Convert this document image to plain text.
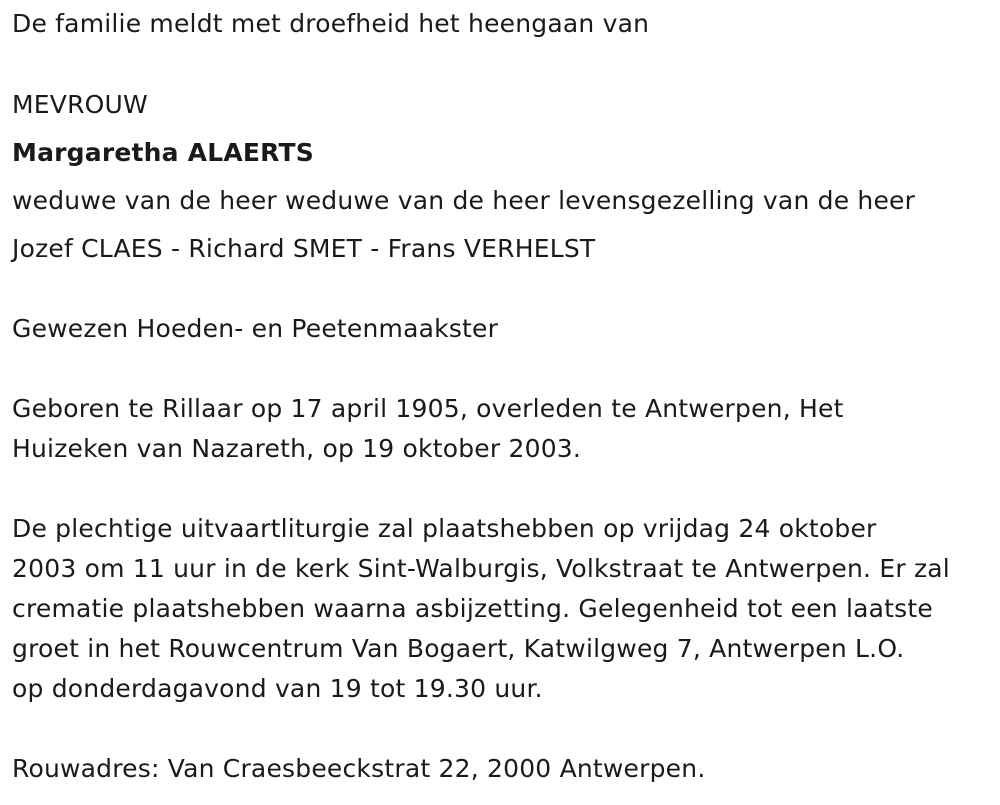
De familie meldt met droefheid het heengaan van
MEVROUW
Margaretha ALAERTS
weduwe van de heer weduwe van de heer levensgezelling van de heer
Jozef CLAES - Richard SMET - Frans VERHELST
Gewezen Hoeden- en Peetenmaakster
Geboren te Rillaar op 17 april 1905, overleden te Antwerpen, Het
Huizeken van Nazareth, op 19 oktober 2003.
De plechtige uitvaartliturgie zal plaatshebben op vrijdag 24 oktober
2003 om 11 uur in de kerk Sint-Walburgis, Volkstraat te Antwerpen. Er zal
crematie plaatshebben waarna asbijzetting. Gelegenheid tot een laatste
groet in het Rouwcentrum Van Bogaert, Katwilgweg 7, Antwerpen L.O.
op donderdagavond van 19 tot 19.30 uur.
Rouwadres: Van Craesbeeckstrat 22, 2000 Antwerpen.
